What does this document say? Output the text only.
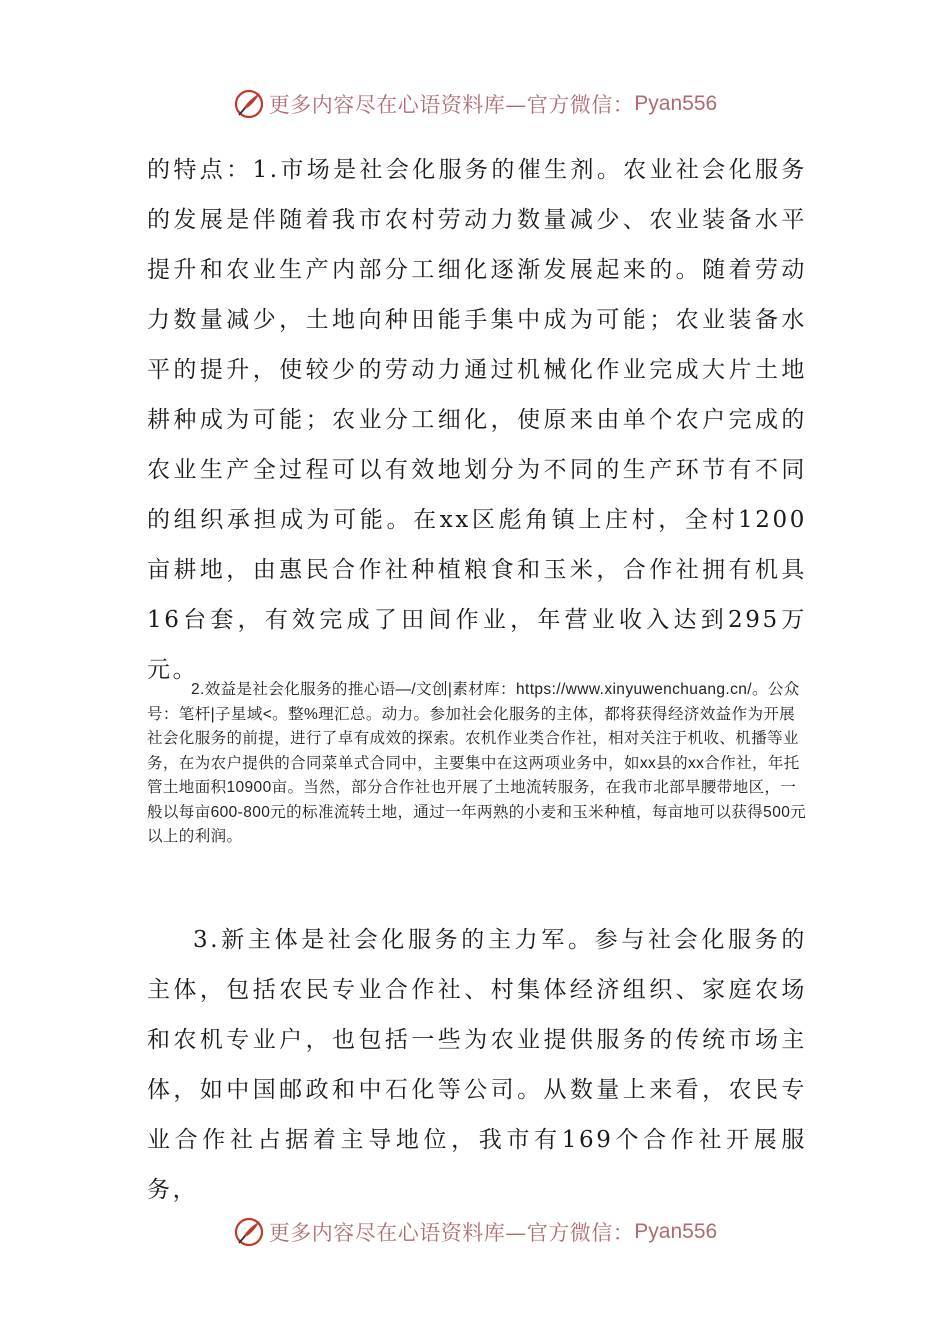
更多内容尽在心语资料库—官方微信： Pyan556

的特点：1.市场是社会化服务的催生剂。农业社会化服务的发展是伴随着我市农村劳动力数量减少、农业装备水平提升和农业生产内部分工细化逐渐发展起来的。随着劳动力数量减少，土地向种田能手集中成为可能；农业装备水平的提升，使较少的劳动力通过机械化作业完成大片土地耕种成为可能；农业分工细化，使原来由单个农户完成的农业生产全过程可以有效地划分为不同的生产环节有不同的组织承担成为可能。在xx区彪角镇上庄村，全村1200亩耕地，由惠民合作社种植粮食和玉米，合作社拥有机具16台套，有效完成了田间作业，年营业收入达到295万元。

2.效益是社会化服务的推心语—/文创|素材库：https://www.xinyuwenchuang.cn/。公众号：笔杆|子星域<。整%理汇总。动力。参加社会化服务的主体，都将获得经济效益作为开展社会化服务的前提，进行了卓有成效的探索。农机作业类合作社，相对关注于机收、机播等业务，在为农户提供的合同菜单式合同中，主要集中在这两项业务中，如xx县的xx合作社，年托管土地面积10900亩。当然，部分合作社也开展了土地流转服务，在我市北部旱腰带地区，一般以每亩600-800元的标准流转土地，通过一年两熟的小麦和玉米种植，每亩地可以获得500元以上的利润。

3.新主体是社会化服务的主力军。参与社会化服务的主体，包括农民专业合作社、村集体经济组织、家庭农场和农机专业户，也包括一些为农业提供服务的传统市场主体，如中国邮政和中石化等公司。从数量上来看，农民专业合作社占据着主导地位，我市有169个合作社开展服务，

更多内容尽在心语资料库—官方微信： Pyan556
